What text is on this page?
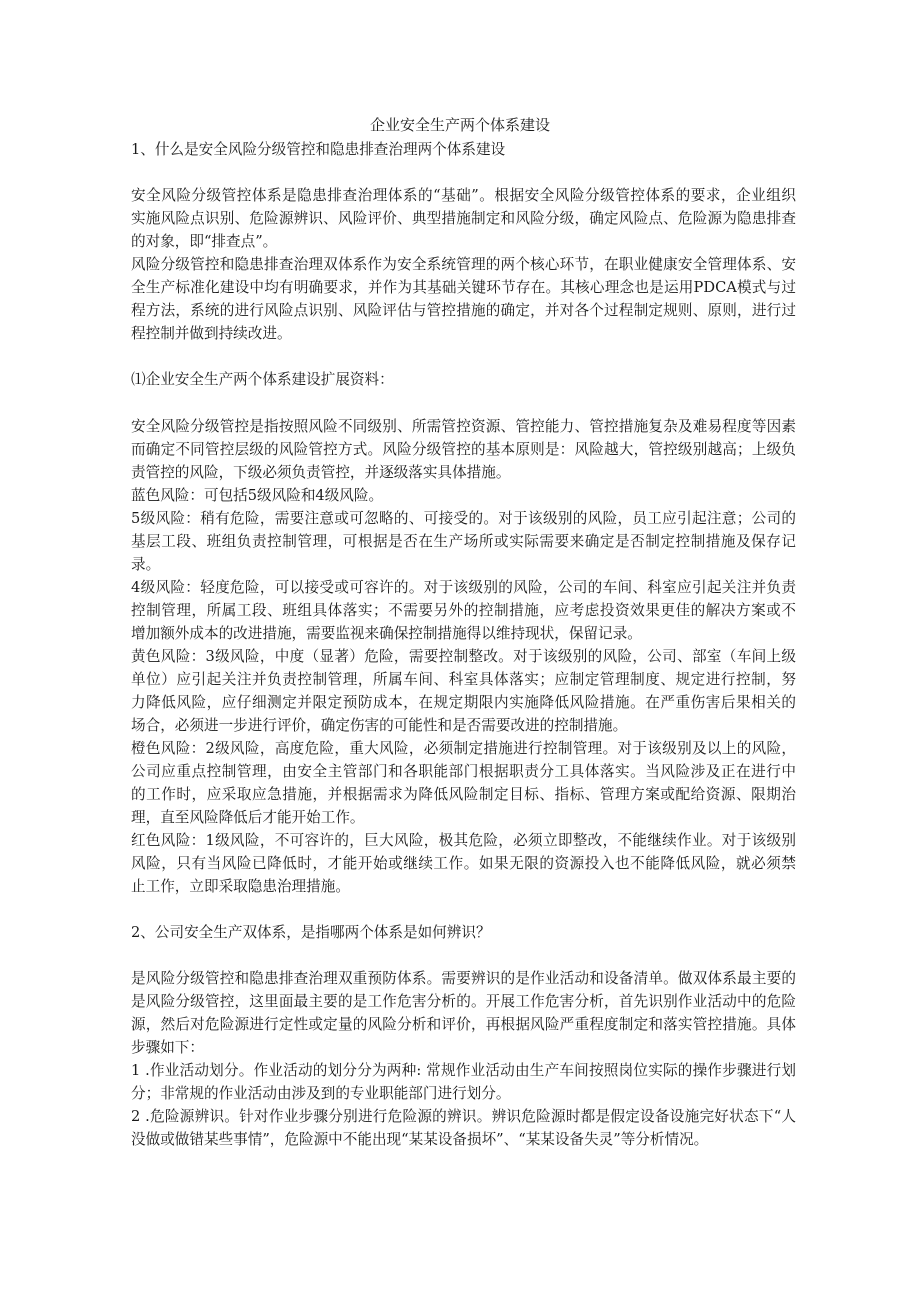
企业安全生产两个体系建设
1、什么是安全风险分级管控和隐患排查治理两个体系建设
安全风险分级管控体系是隐患排查治理体系的“基础”。根据安全风险分级管控体系的要求，企业组织
实施风险点识别、危险源辨识、风险评价、典型措施制定和风险分级，确定风险点、危险源为隐患排查
的对象，即“排查点”。
风险分级管控和隐患排查治理双体系作为安全系统管理的两个核心环节，在职业健康安全管理体系、安
全生产标准化建设中均有明确要求，并作为其基础关键环节存在。其核心理念也是运用PDCA模式与过
程方法，系统的进行风险点识别、风险评估与管控措施的确定，并对各个过程制定规则、原则，进行过
程控制并做到持续改进。
⑴企业安全生产两个体系建设扩展资料：
安全风险分级管控是指按照风险不同级别、所需管控资源、管控能力、管控措施复杂及难易程度等因素
而确定不同管控层级的风险管控方式。风险分级管控的基本原则是：风险越大，管控级别越高；上级负
责管控的风险，下级必须负责管控，并逐级落实具体措施。
蓝色风险：可包括5级风险和4级风险。
5级风险：稍有危险，需要注意或可忽略的、可接受的。对于该级别的风险，员工应引起注意；公司的
基层工段、班组负责控制管理，可根据是否在生产场所或实际需要来确定是否制定控制措施及保存记
录。
4级风险：轻度危险，可以接受或可容许的。对于该级别的风险，公司的车间、科室应引起关注并负责
控制管理，所属工段、班组具体落实；不需要另外的控制措施，应考虑投资效果更佳的解决方案或不
增加额外成本的改进措施，需要监视来确保控制措施得以维持现状，保留记录。
黄色风险：3级风险，中度（显著）危险，需要控制整改。对于该级别的风险，公司、部室（车间上级
单位）应引起关注并负责控制管理，所属车间、科室具体落实；应制定管理制度、规定进行控制，努
力降低风险，应仔细测定并限定预防成本，在规定期限内实施降低风险措施。在严重伤害后果相关的
场合，必须进一步进行评价，确定伤害的可能性和是否需要改进的控制措施。
橙色风险：2级风险，高度危险，重大风险，必须制定措施进行控制管理。对于该级别及以上的风险，
公司应重点控制管理，由安全主管部门和各职能部门根据职责分工具体落实。当风险涉及正在进行中
的工作时，应采取应急措施，并根据需求为降低风险制定目标、指标、管理方案或配给资源、限期治
理，直至风险降低后才能开始工作。
红色风险：1级风险，不可容许的，巨大风险，极其危险，必须立即整改，不能继续作业。对于该级别
风险，只有当风险已降低时，才能开始或继续工作。如果无限的资源投入也不能降低风险，就必须禁
止工作，立即采取隐患治理措施。
2、公司安全生产双体系，是指哪两个体系是如何辨识？
是风险分级管控和隐患排查治理双重预防体系。需要辨识的是作业活动和设备清单。做双体系最主要的
是风险分级管控，这里面最主要的是工作危害分析的。开展工作危害分析，首先识别作业活动中的危险
源，然后对危险源进行定性或定量的风险分析和评价，再根据风险严重程度制定和落实管控措施。具体
步骤如下：
1 .作业活动划分。作业活动的划分分为两种: 常规作业活动由生产车间按照岗位实际的操作步骤进行划
分；非常规的作业活动由涉及到的专业职能部门进行划分。
2 .危险源辨识。针对作业步骤分别进行危险源的辨识。辨识危险源时都是假定设备设施完好状态下“人
没做或做错某些事情”，危险源中不能出现“某某设备损坏”、“某某设备失灵”等分析情况。
